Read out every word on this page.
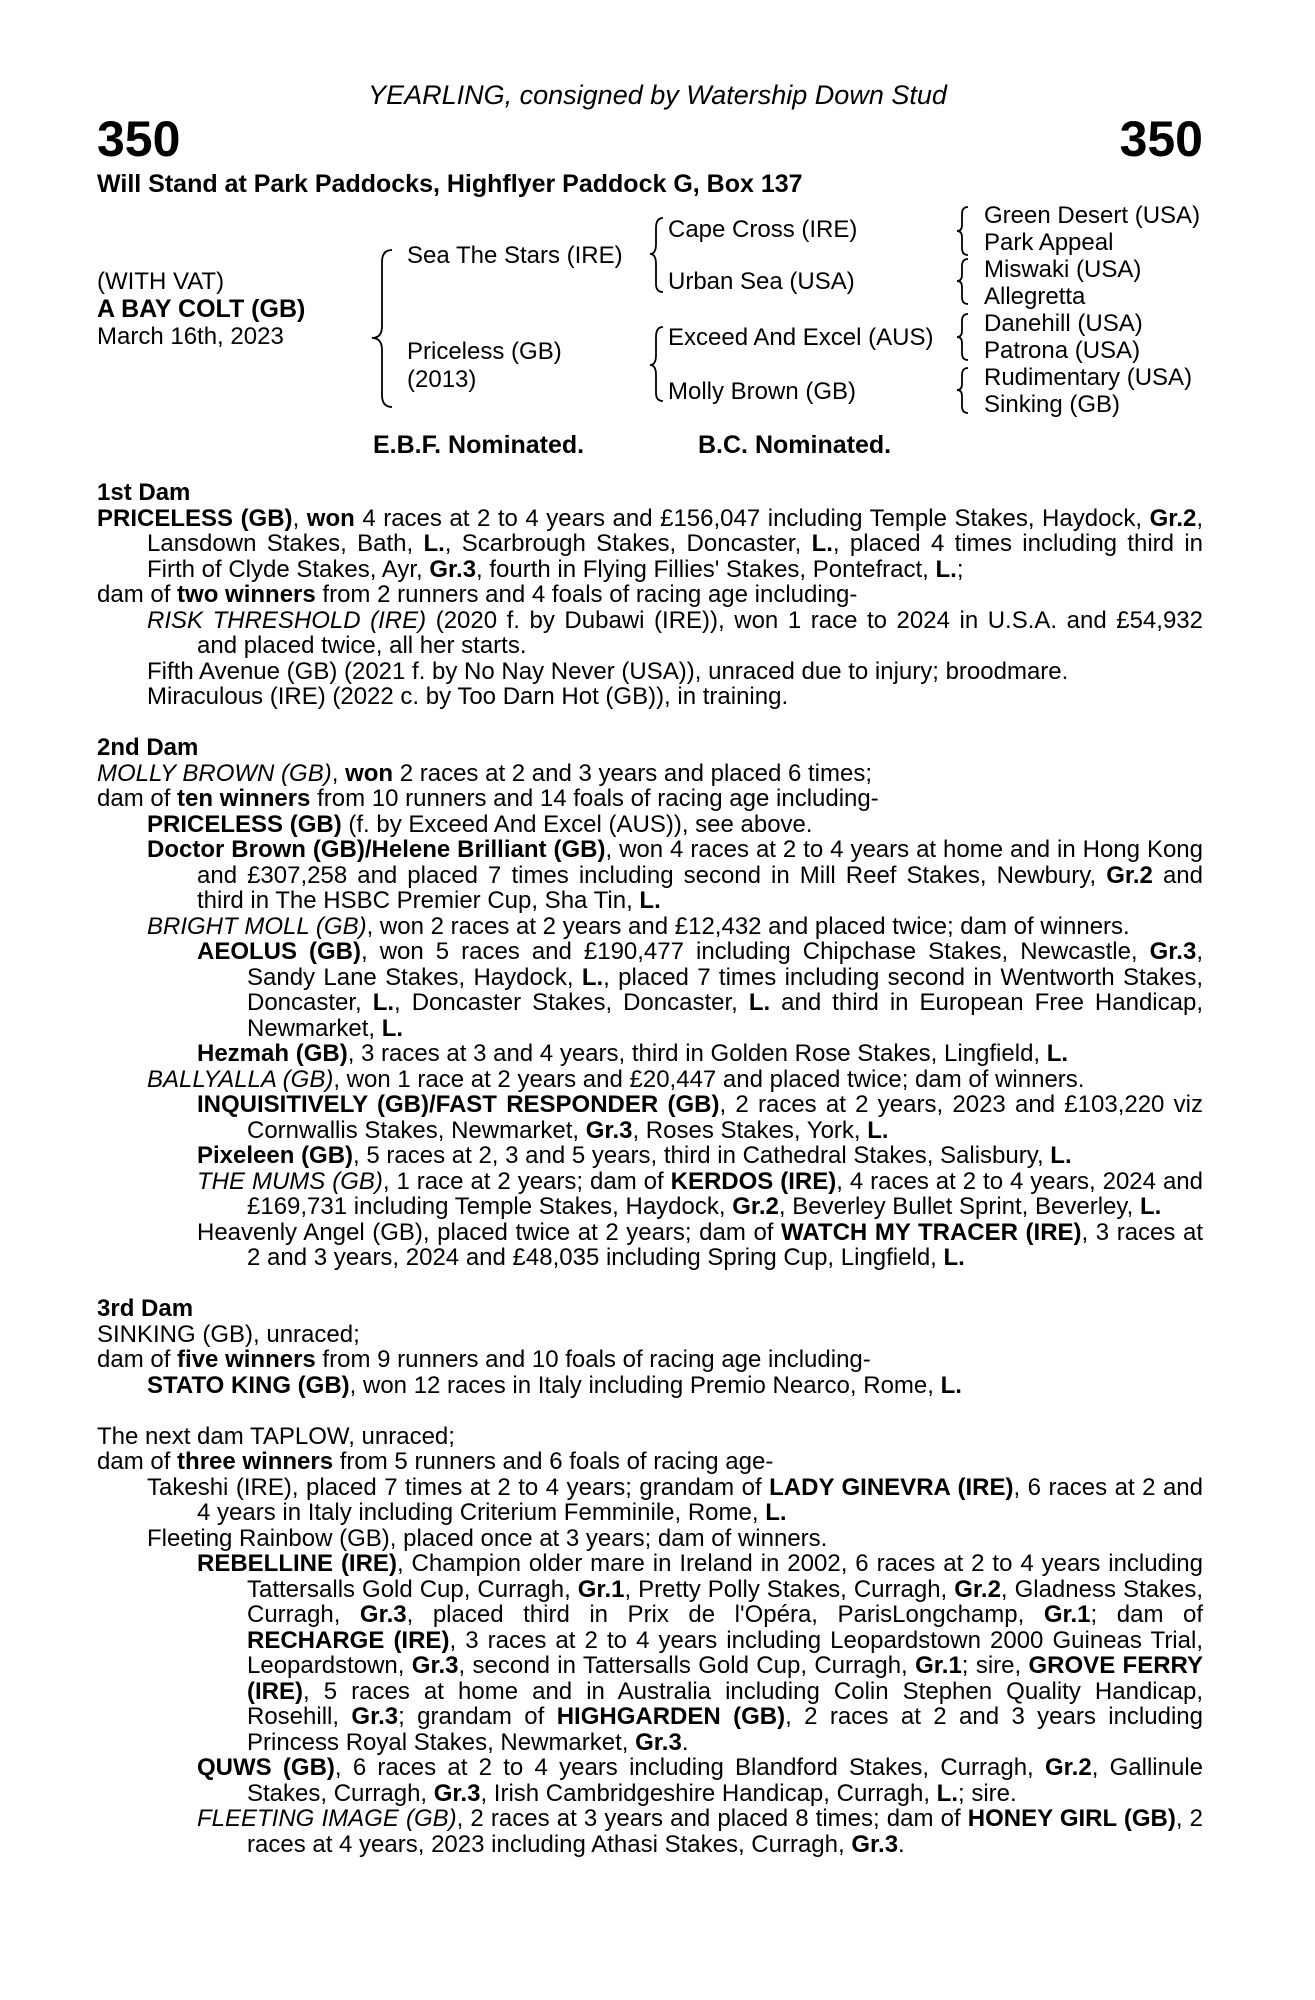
YEARLING, consigned by Watership Down Stud
350	350
Will Stand at Park Paddocks, Highflyer Paddock G, Box 137
(WITH VAT)
A BAY COLT (GB)
March 16th, 2023
Sea The Stars (IRE)
Priceless (GB)
(2013)
Cape Cross (IRE)
Urban Sea (USA)
Exceed And Excel (AUS)
Molly Brown (GB)
Green Desert (USA)
Park Appeal
Miswaki (USA)
Allegretta
Danehill (USA)
Patrona (USA)
Rudimentary (USA)
Sinking (GB)
E.B.F. Nominated.	B.C. Nominated.

1st Dam

PRICELESS (GB), won 4 races at 2 to 4 years and £156,047 including Temple Stakes, Haydock, Gr.2, Lansdown Stakes, Bath, L., Scarbrough Stakes, Doncaster, L., placed 4 times including third in Firth of Clyde Stakes, Ayr, Gr.3, fourth in Flying Fillies' Stakes, Pontefract, L.;

dam of two winners from 2 runners and 4 foals of racing age including-

RISK THRESHOLD (IRE) (2020 f. by Dubawi (IRE)), won 1 race to 2024 in U.S.A. and £54,932 and placed twice, all her starts.

Fifth Avenue (GB) (2021 f. by No Nay Never (USA)), unraced due to injury; broodmare.

Miraculous (IRE) (2022 c. by Too Darn Hot (GB)), in training.

2nd Dam

MOLLY BROWN (GB), won 2 races at 2 and 3 years and placed 6 times;

dam of ten winners from 10 runners and 14 foals of racing age including-

PRICELESS (GB) (f. by Exceed And Excel (AUS)), see above.

Doctor Brown (GB)/Helene Brilliant (GB), won 4 races at 2 to 4 years at home and in Hong Kong and £307,258 and placed 7 times including second in Mill Reef Stakes, Newbury, Gr.2 and third in The HSBC Premier Cup, Sha Tin, L.

BRIGHT MOLL (GB), won 2 races at 2 years and £12,432 and placed twice; dam of winners.

AEOLUS (GB), won 5 races and £190,477 including Chipchase Stakes, Newcastle, Gr.3, Sandy Lane Stakes, Haydock, L., placed 7 times including second in Wentworth Stakes, Doncaster, L., Doncaster Stakes, Doncaster, L. and third in European Free Handicap, Newmarket, L.

Hezmah (GB), 3 races at 3 and 4 years, third in Golden Rose Stakes, Lingfield, L.

BALLYALLA (GB), won 1 race at 2 years and £20,447 and placed twice; dam of winners.

INQUISITIVELY (GB)/FAST RESPONDER (GB), 2 races at 2 years, 2023 and £103,220 viz Cornwallis Stakes, Newmarket, Gr.3, Roses Stakes, York, L.

Pixeleen (GB), 5 races at 2, 3 and 5 years, third in Cathedral Stakes, Salisbury, L.

THE MUMS (GB), 1 race at 2 years; dam of KERDOS (IRE), 4 races at 2 to 4 years, 2024 and £169,731 including Temple Stakes, Haydock, Gr.2, Beverley Bullet Sprint, Beverley, L.

Heavenly Angel (GB), placed twice at 2 years; dam of WATCH MY TRACER (IRE), 3 races at 2 and 3 years, 2024 and £48,035 including Spring Cup, Lingfield, L.

3rd Dam

SINKING (GB), unraced;

dam of five winners from 9 runners and 10 foals of racing age including-

STATO KING (GB), won 12 races in Italy including Premio Nearco, Rome, L.

The next dam TAPLOW, unraced;

dam of three winners from 5 runners and 6 foals of racing age-

Takeshi (IRE), placed 7 times at 2 to 4 years; grandam of LADY GINEVRA (IRE), 6 races at 2 and 4 years in Italy including Criterium Femminile, Rome, L.

Fleeting Rainbow (GB), placed once at 3 years; dam of winners.

REBELLINE (IRE), Champion older mare in Ireland in 2002, 6 races at 2 to 4 years including Tattersalls Gold Cup, Curragh, Gr.1, Pretty Polly Stakes, Curragh, Gr.2, Gladness Stakes, Curragh, Gr.3, placed third in Prix de l'Opéra, ParisLongchamp, Gr.1; dam of RECHARGE (IRE), 3 races at 2 to 4 years including Leopardstown 2000 Guineas Trial, Leopardstown, Gr.3, second in Tattersalls Gold Cup, Curragh, Gr.1; sire, GROVE FERRY (IRE), 5 races at home and in Australia including Colin Stephen Quality Handicap, Rosehill, Gr.3; grandam of HIGHGARDEN (GB), 2 races at 2 and 3 years including Princess Royal Stakes, Newmarket, Gr.3.

QUWS (GB), 6 races at 2 to 4 years including Blandford Stakes, Curragh, Gr.2, Gallinule Stakes, Curragh, Gr.3, Irish Cambridgeshire Handicap, Curragh, L.; sire.

FLEETING IMAGE (GB), 2 races at 3 years and placed 8 times; dam of HONEY GIRL (GB), 2 races at 4 years, 2023 including Athasi Stakes, Curragh, Gr.3.
